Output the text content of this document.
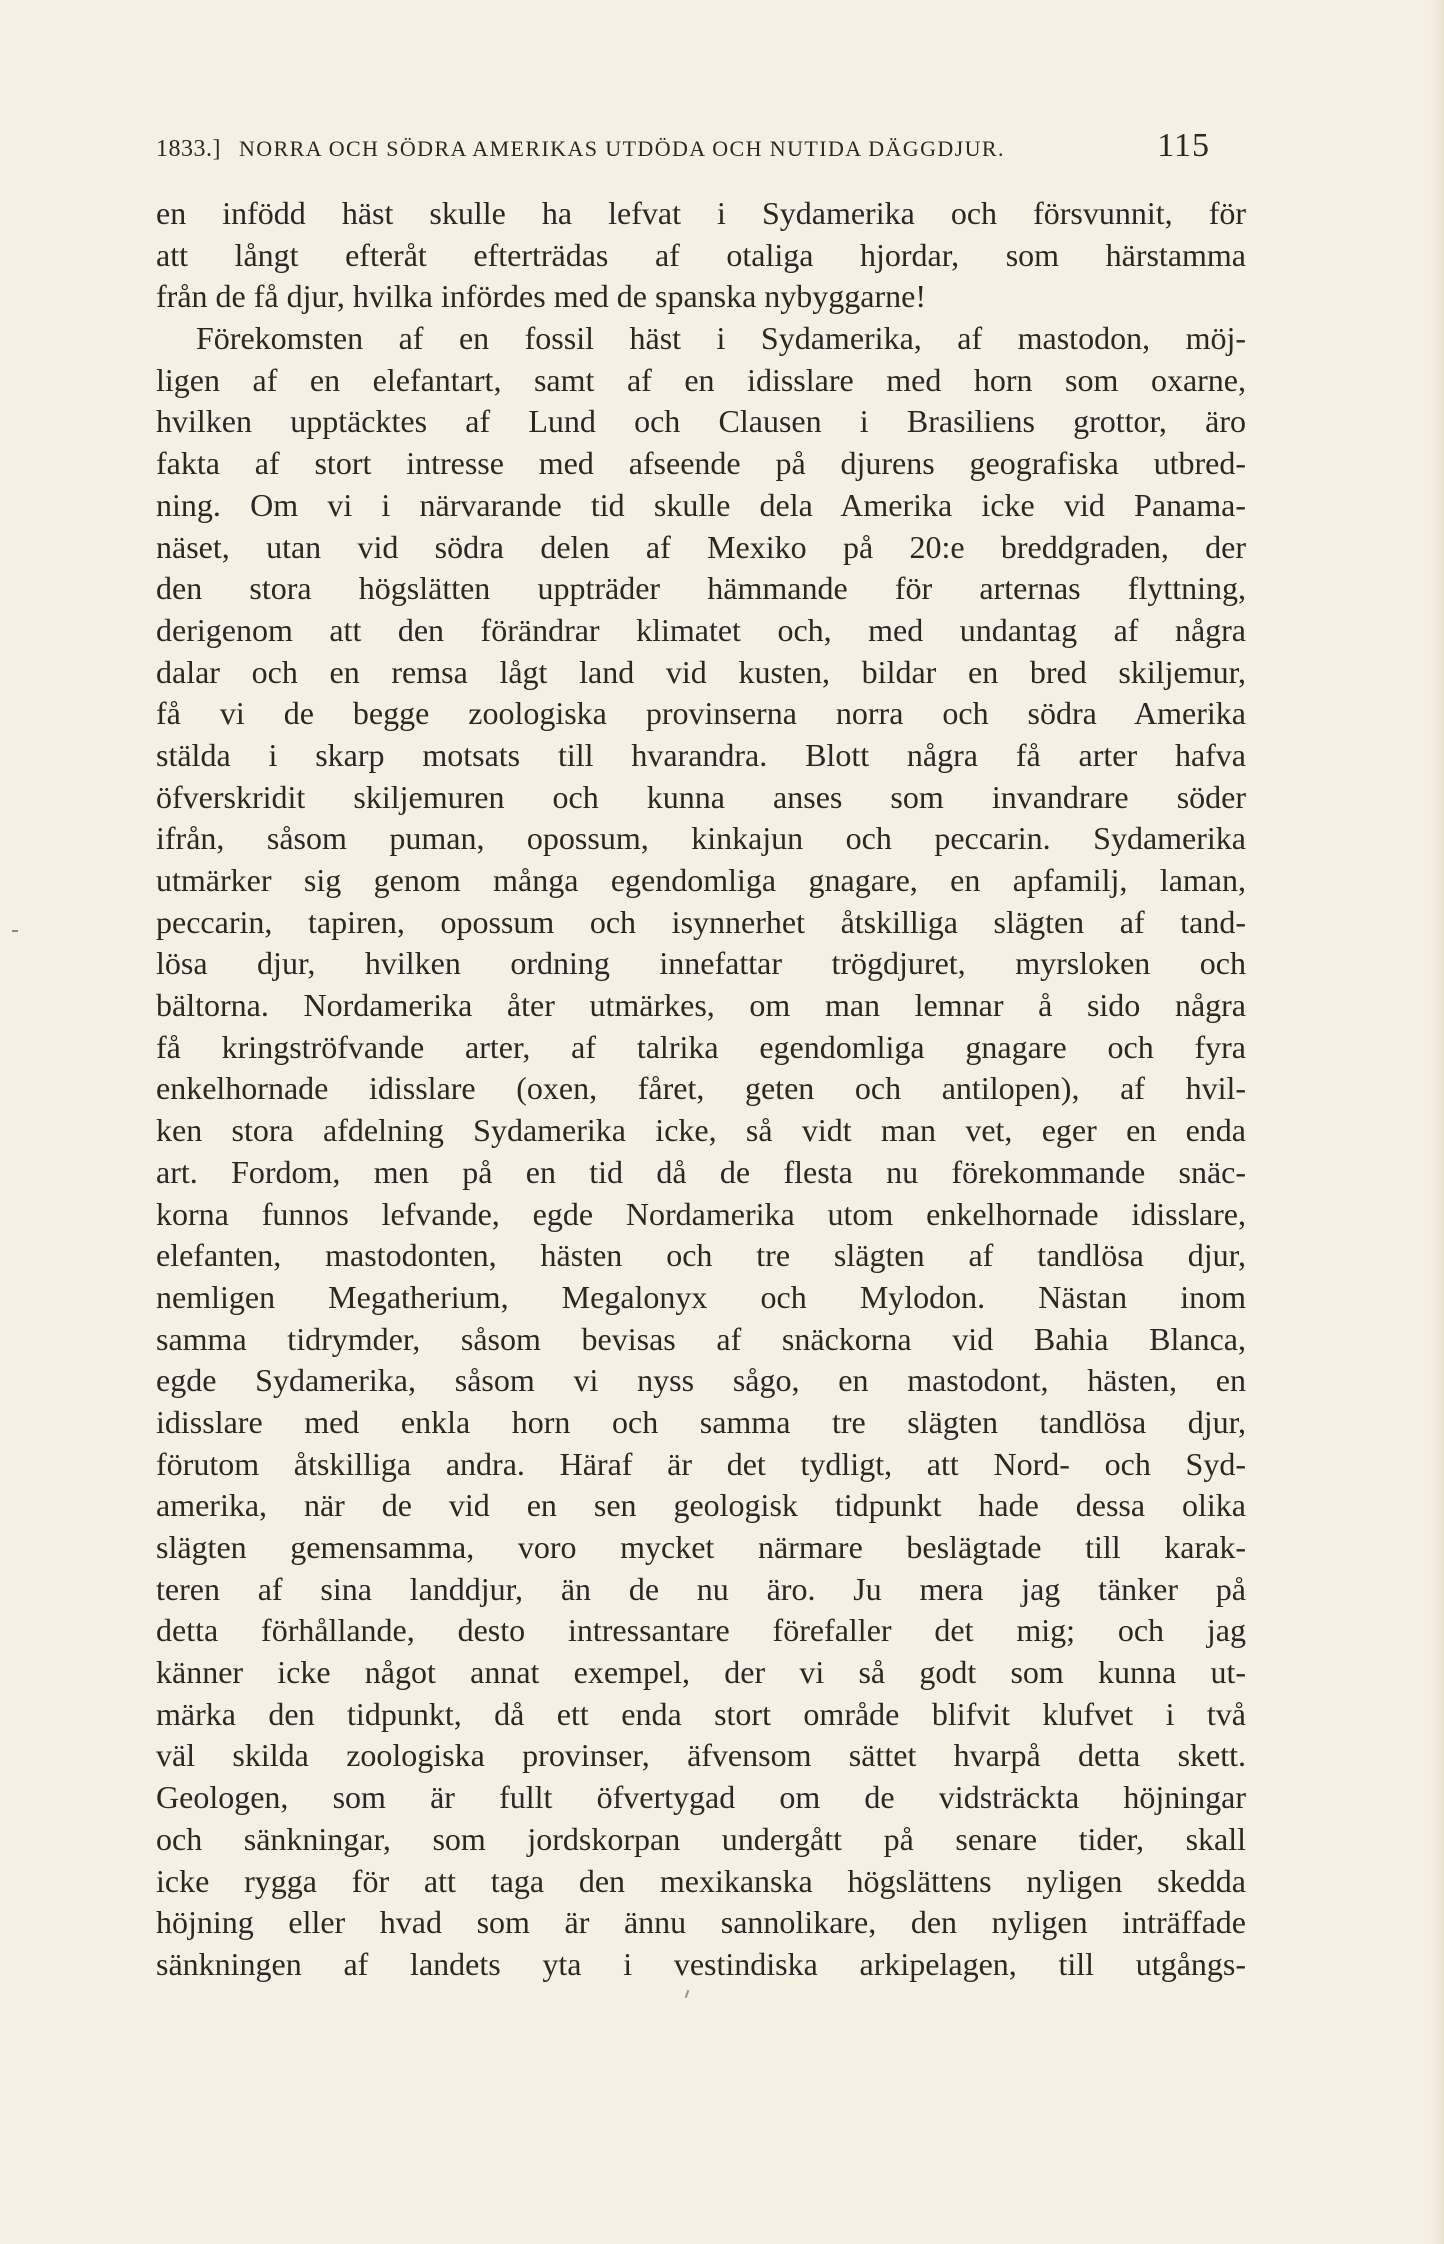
1833.] NORRA OCH SÖDRA AMERIKAS UTDÖDA OCH NUTIDA DÄGGDJUR.	115
en infödd häst skulle ha lefvat i Sydamerika och försvunnit, för
att långt efteråt efterträdas af otaliga hjordar, som härstamma
från de få djur, hvilka infördes med de spanska nybyggarne!
Förekomsten af en fossil häst i Sydamerika, af mastodon, möj-
ligen af en elefantart, samt af en idisslare med horn som oxarne,
hvilken upptäcktes af Lund och Clausen i Brasiliens grottor, äro
fakta af stort intresse med afseende på djurens geografiska utbred-
ning. Om vi i närvarande tid skulle dela Amerika icke vid Panama-
näset, utan vid södra delen af Mexiko på 20:e breddgraden, der
den stora högslätten uppträder hämmande för arternas flyttning,
derigenom att den förändrar klimatet och, med undantag af några
dalar och en remsa lågt land vid kusten, bildar en bred skiljemur,
få vi de begge zoologiska provinserna norra och södra Amerika
stälda i skarp motsats till hvarandra. Blott några få arter hafva
öfverskridit skiljemuren och kunna anses som invandrare söder
ifrån, såsom puman, opossum, kinkajun och peccarin. Sydamerika
utmärker sig genom många egendomliga gnagare, en apfamilj, laman,
peccarin, tapiren, opossum och isynnerhet åtskilliga slägten af tand-
lösa djur, hvilken ordning innefattar trögdjuret, myrsloken och
bältorna. Nordamerika åter utmärkes, om man lemnar å sido några
få kringströfvande arter, af talrika egendomliga gnagare och fyra
enkelhornade idisslare (oxen, fåret, geten och antilopen), af hvil-
ken stora afdelning Sydamerika icke, så vidt man vet, eger en enda
art. Fordom, men på en tid då de flesta nu förekommande snäc-
korna funnos lefvande, egde Nordamerika utom enkelhornade idisslare,
elefanten, mastodonten, hästen och tre slägten af tandlösa djur,
nemligen Megatherium, Megalonyx och Mylodon. Nästan inom
samma tidrymder, såsom bevisas af snäckorna vid Bahia Blanca,
egde Sydamerika, såsom vi nyss sågo, en mastodont, hästen, en
idisslare med enkla horn och samma tre slägten tandlösa djur,
förutom åtskilliga andra. Häraf är det tydligt, att Nord- och Syd-
amerika, när de vid en sen geologisk tidpunkt hade dessa olika
slägten gemensamma, voro mycket närmare beslägtade till karak-
teren af sina landdjur, än de nu äro. Ju mera jag tänker på
detta förhållande, desto intressantare förefaller det mig; och jag
känner icke något annat exempel, der vi så godt som kunna ut-
märka den tidpunkt, då ett enda stort område blifvit klufvet i två
väl skilda zoologiska provinser, äfvensom sättet hvarpå detta skett.
Geologen, som är fullt öfvertygad om de vidsträckta höjningar
och sänkningar, som jordskorpan undergått på senare tider, skall
icke rygga för att taga den mexikanska högslättens nyligen skedda
höjning eller hvad som är ännu sannolikare, den nyligen inträffade
sänkningen af landets yta i vestindiska arkipelagen, till utgångs-
